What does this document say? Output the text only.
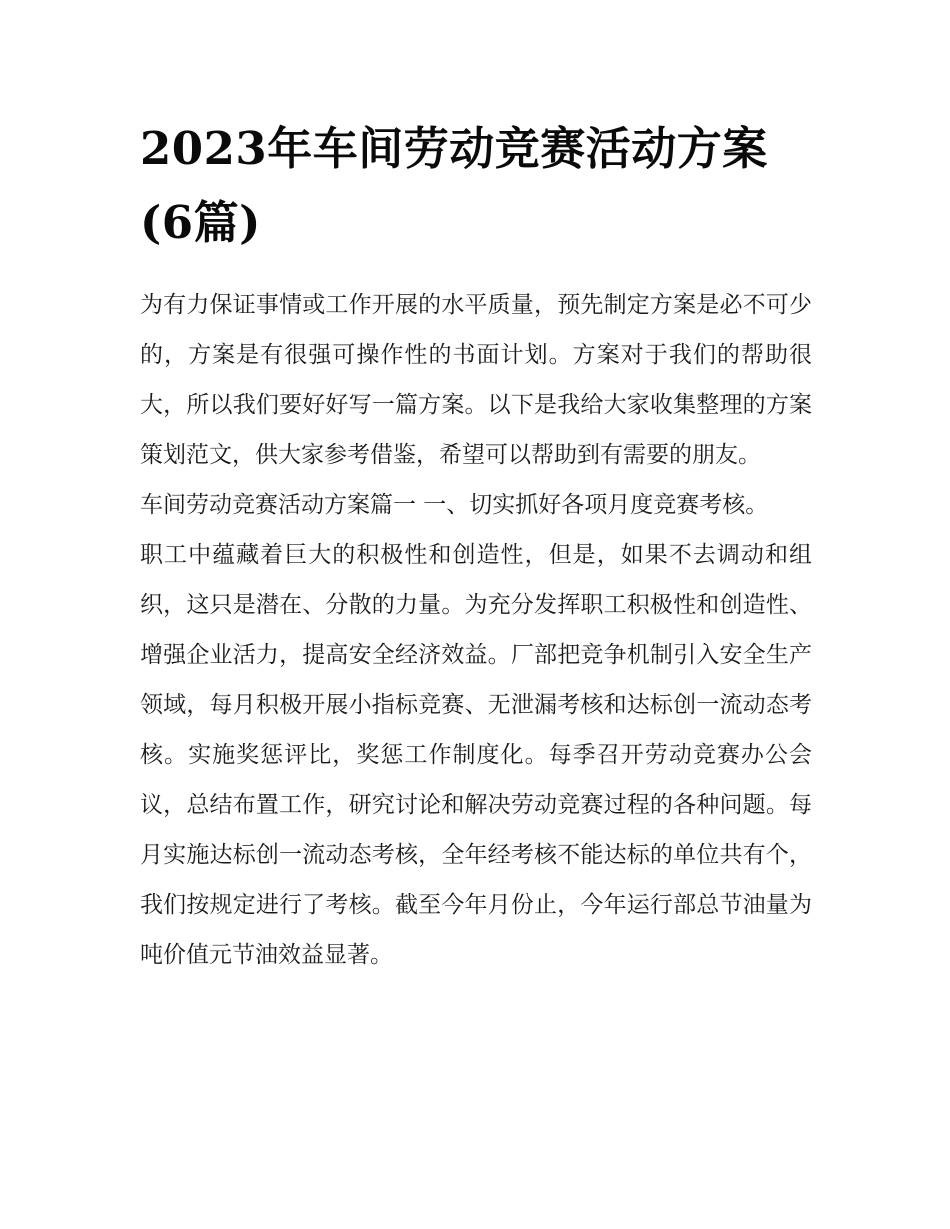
2023年车间劳动竞赛活动方案(6篇)

为有力保证事情或工作开展的水平质量，预先制定方案是必不可少的，方案是有很强可操作性的书面计划。方案对于我们的帮助很大，所以我们要好好写一篇方案。以下是我给大家收集整理的方案策划范文，供大家参考借鉴，希望可以帮助到有需要的朋友。

车间劳动竞赛活动方案篇一 一、切实抓好各项月度竞赛考核。

职工中蕴藏着巨大的积极性和创造性，但是，如果不去调动和组织，这只是潜在、分散的力量。为充分发挥职工积极性和创造性、增强企业活力，提高安全经济效益。厂部把竞争机制引入安全生产领域，每月积极开展小指标竞赛、无泄漏考核和达标创一流动态考核。实施奖惩评比，奖惩工作制度化。每季召开劳动竞赛办公会议，总结布置工作，研究讨论和解决劳动竞赛过程的各种问题。每月实施达标创一流动态考核，全年经考核不能达标的单位共有个，我们按规定进行了考核。截至今年月份止，今年运行部总节油量为吨价值元节油效益显著。
